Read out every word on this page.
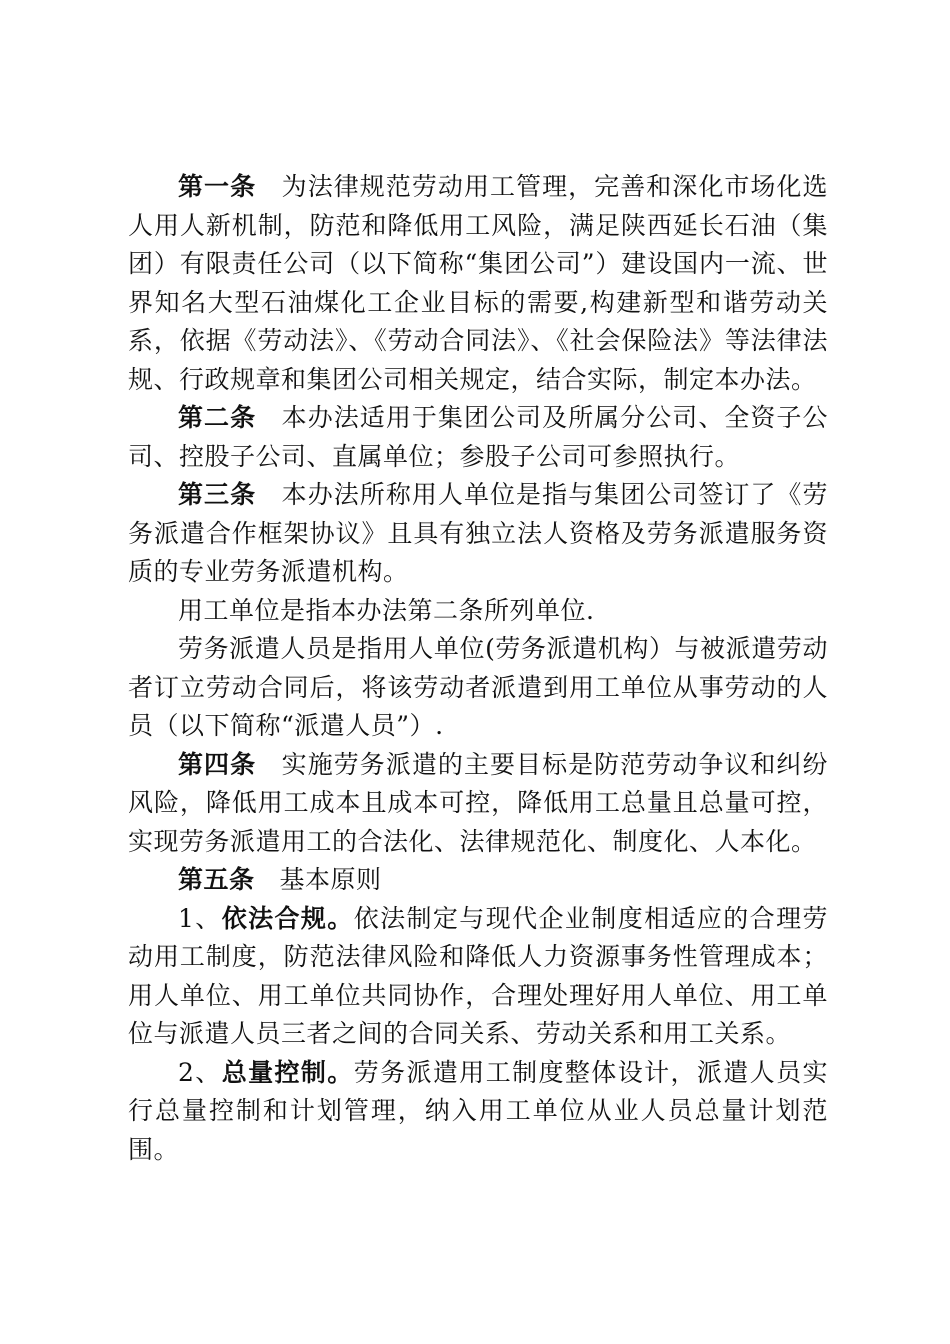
第一条 为法律规范劳动用工管理，完善和深化市场化选人用人新机制，防范和降低用工风险，满足陕西延长石油（集团）有限责任公司（以下简称“集团公司”）建设国内一流、世界知名大型石油煤化工企业目标的需要,构建新型和谐劳动关系，依据《劳动法》、《劳动合同法》、《社会保险法》等法律法规、行政规章和集团公司相关规定，结合实际，制定本办法。

第二条 本办法适用于集团公司及所属分公司、全资子公司、控股子公司、直属单位；参股子公司可参照执行。

第三条 本办法所称用人单位是指与集团公司签订了《劳务派遣合作框架协议》且具有独立法人资格及劳务派遣服务资质的专业劳务派遣机构。

用工单位是指本办法第二条所列单位.

劳务派遣人员是指用人单位(劳务派遣机构）与被派遣劳动者订立劳动合同后，将该劳动者派遣到用工单位从事劳动的人员（以下简称“派遣人员”）.

第四条 实施劳务派遣的主要目标是防范劳动争议和纠纷风险，降低用工成本且成本可控，降低用工总量且总量可控，实现劳务派遣用工的合法化、法律规范化、制度化、人本化。

第五条 基本原则

1、依法合规。依法制定与现代企业制度相适应的合理劳动用工制度，防范法律风险和降低人力资源事务性管理成本；用人单位、用工单位共同协作，合理处理好用人单位、用工单位与派遣人员三者之间的合同关系、劳动关系和用工关系。

2、总量控制。劳务派遣用工制度整体设计，派遣人员实行总量控制和计划管理，纳入用工单位从业人员总量计划范围。
